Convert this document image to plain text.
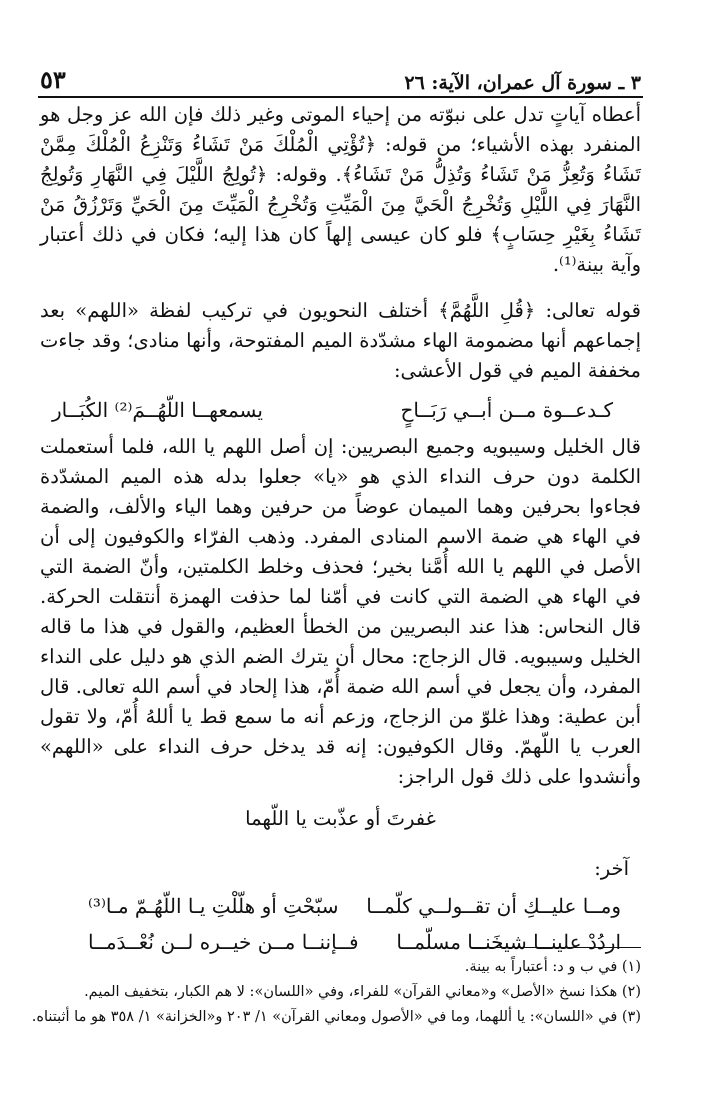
٣ ـ سورة آل عمران، الآية: ٢٦
٥٣

أعطاه آياتٍ تدل على نبوّته من إحياء الموتى وغير ذلك فإن الله عز وجل هو المنفرد بهذه الأشياء؛ من قوله: ﴿تُؤْتِي الْمُلْكَ مَنْ تَشَاءُ وَتَنْزِعُ الْمُلْكَ مِمَّنْ تَشَاءُ وَتُعِزُّ مَنْ تَشَاءُ وَتُذِلُّ مَنْ تَشَاءُ﴾. وقوله: ﴿تُولِجُ اللَّيْلَ فِي النَّهَارِ وَتُولِجُ النَّهَارَ فِي اللَّيْلِ وَتُخْرِجُ الْحَيَّ مِنَ الْمَيِّتِ وَتُخْرِجُ الْمَيِّتَ مِنَ الْحَيِّ وَتَرْزُقُ مَنْ تَشَاءُ بِغَيْرِ حِسَابٍ﴾ فلو كان عيسى إلهاً كان هذا إليه؛ فكان في ذلك أعتبار وآية بينة⁽¹⁾.

قوله تعالى: ﴿قُلِ اللَّهُمَّ﴾ أختلف النحويون في تركيب لفظة «اللهم» بعد إجماعهم أنها مضمومة الهاء مشدّدة الميم المفتوحة، وأنها منادى؛ وقد جاءت مخففة الميم في قول الأعشى:

كـدعــوة مــن أبــي رَبَــاحٍ
يسمعهــا اللّهُــمَ⁽²⁾ الكُبَــار

قال الخليل وسيبويه وجميع البصريين: إن أصل اللهم يا الله، فلما أستعملت الكلمة دون حرف النداء الذي هو «يا» جعلوا بدله هذه الميم المشدّدة فجاءوا بحرفين وهما الميمان عوضاً من حرفين وهما الياء والألف، والضمة في الهاء هي ضمة الاسم المنادى المفرد. وذهب الفرّاء والكوفيون إلى أن الأصل في اللهم يا الله أُمَّنا بخير؛ فحذف وخلط الكلمتين، وأنّ الضمة التي في الهاء هي الضمة التي كانت في أمّنا لما حذفت الهمزة أنتقلت الحركة. قال النحاس: هذا عند البصريين من الخطأ العظيم، والقول في هذا ما قاله الخليل وسيبويه. قال الزجاج: محال أن يترك الضم الذي هو دليل على النداء المفرد، وأن يجعل في أسم الله ضمة أُمّ، هذا إلحاد في أسم الله تعالى. قال أبن عطية: وهذا غلوّ من الزجاج، وزعم أنه ما سمع قط يا أللهُ أُمّ، ولا تقول العرب يا اللّهمّ. وقال الكوفيون: إنه قد يدخل حرف النداء على «اللهم» وأنشدوا على ذلك قول الراجز:

غفرتَ أو عذّبت يا اللّهما

آخر:

ومــا عليــكِ أن تقــولــي كلّمــا
سبّحْتِ أو هلّلْتِ يـا اللّهُـمّ مـا⁽³⁾

اردُدْ علينــا شيخَنــا مسلّمــا
فــإننــا مــن خيــره لــن نُعْــدَمــا

(١) في ب و د: أعتباراً به بينة.

(٢) هكذا نسخ «الأصل» و«معاني القرآن» للفراء، وفي «اللسان»: لا هم الكبار، بتخفيف الميم.

(٣) في «اللسان»: يا أللهما، وما في «الأصول ومعاني القرآن» ١/ ٢٠٣ و«الخزانة» ١/ ٣٥٨ هو ما أثبتناه.
